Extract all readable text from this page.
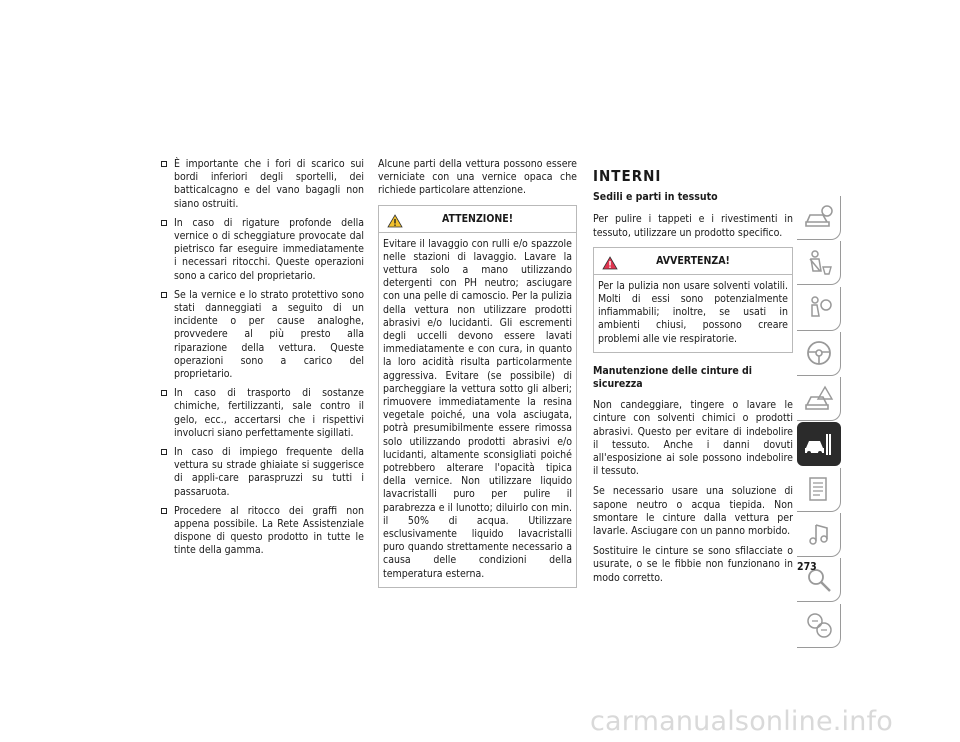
È importante che i fori di scarico sui bordi inferiori degli sportelli, dei batticalcagno e del vano bagagli non siano ostruiti.
In caso di rigature profonde della vernice o di scheggiature provocate dal pietrisco far eseguire immediatamente i necessari ritocchi. Queste operazioni sono a carico del proprietario.
Se la vernice e lo strato protettivo sono stati danneggiati a seguito di un incidente o per cause analoghe, provvedere al più presto alla riparazione della vettura. Queste operazioni sono a carico del proprietario.
In caso di trasporto di sostanze chimiche, fertilizzanti, sale contro il gelo, ecc., accertarsi che i rispettivi involucri siano perfettamente sigillati.
In caso di impiego frequente della vettura su strade ghiaiate si suggerisce di appli-care paraspruzzi su tutti i passaruota.
Procedere al ritocco dei graffi non appena possibile. La Rete Assistenziale dispone di questo prodotto in tutte le tinte della gamma.

Alcune parti della vettura possono essere verniciate con una vernice opaca che richiede particolare attenzione.

ATTENZIONE!
Evitare il lavaggio con rulli e/o spazzole nelle stazioni di lavaggio. Lavare la vettura solo a mano utilizzando detergenti con PH neutro; asciugare con una pelle di camoscio. Per la pulizia della vettura non utilizzare prodotti abrasivi e/o lucidanti. Gli escrementi degli uccelli devono essere lavati immediatamente e con cura, in quanto la loro acidità risulta particolarmente aggressiva. Evitare (se possibile) di parcheggiare la vettura sotto gli alberi; rimuovere immediatamente la resina vegetale poiché, una vola asciugata, potrà presumibilmente essere rimossa solo utilizzando prodotti abrasivi e/o lucidanti, altamente sconsigliati poiché potrebbero alterare l'opacità tipica della vernice. Non utilizzare liquido lavacristalli puro per pulire il parabrezza e il lunotto; diluirlo con min. il 50% di acqua. Utilizzare esclusivamente liquido lavacristalli puro quando strettamente necessario a causa delle condizioni della temperatura esterna.
INTERNI
Sedili e parti in tessuto

Per pulire i tappeti e i rivestimenti in tessuto, utilizzare un prodotto specifico.

AVVERTENZA!
Per la pulizia non usare solventi volatili. Molti di essi sono potenzialmente infiammabili; inoltre, se usati in ambienti chiusi, possono creare problemi alle vie respiratorie.
Manutenzione delle cinture di sicurezza

Non candeggiare, tingere o lavare le cinture con solventi chimici o prodotti abrasivi. Questo per evitare di indebolire il tessuto. Anche i danni dovuti all'esposizione ai sole possono indebolire il tessuto.

Se necessario usare una soluzione di sapone neutro o acqua tiepida. Non smontare le cinture dalla vettura per lavarle. Asciugare con un panno morbido.

Sostituire le cinture se sono sfilacciate o usurate, o se le fibbie non funzionano in modo corretto.

273
carmanualsonline.info
